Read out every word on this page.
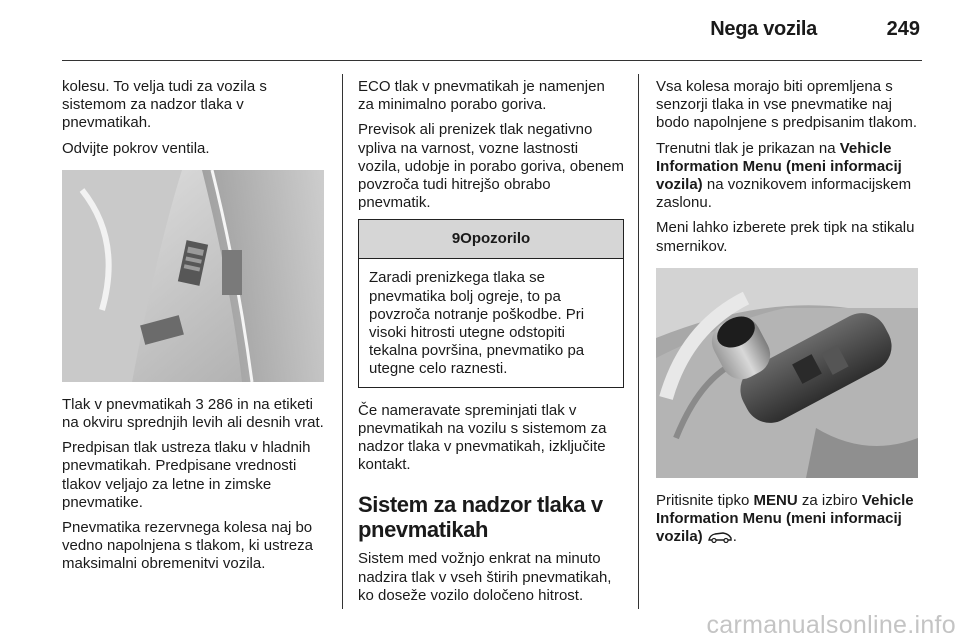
Nega vozila	249

kolesu. To velja tudi za vozila s sistemom za nadzor tlaka v pnevmatikah.

Odvijte pokrov ventila.

Tlak v pnevmatikah 3 286 in na etiketi na okviru sprednjih levih ali desnih vrat.

Predpisan tlak ustreza tlaku v hladnih pnevmatikah. Predpisane vrednosti tlakov veljajo za letne in zimske pnevmatike.

Pnevmatika rezervnega kolesa naj bo vedno napolnjena s tlakom, ki ustreza maksimalni obremenitvi vozila.

ECO tlak v pnevmatikah je namenjen za minimalno porabo goriva.

Previsok ali prenizek tlak negativno vpliva na varnost, vozne lastnosti vozila, udobje in porabo goriva, obenem povzroča tudi hitrejšo obrabo pnevmatik.

9 Opozorilo
Zaradi prenizkega tlaka se pnevmatika bolj ogreje, to pa povzroča notranje poškodbe. Pri visoki hitrosti utegne odstopiti tekalna površina, pnevmatiko pa utegne celo raznesti.

Če nameravate spreminjati tlak v pnevmatikah na vozilu s sistemom za nadzor tlaka v pnevmatikah, izključite kontakt.

Sistem za nadzor tlaka v pnevmatikah

Sistem med vožnjo enkrat na minuto nadzira tlak v vseh štirih pnevmatikah, ko doseže vozilo določeno hitrost.

Vsa kolesa morajo biti opremljena s senzorji tlaka in vse pnevmatike naj bodo napolnjene s predpisanim tlakom.

Trenutni tlak je prikazan na Vehicle Information Menu (meni informacij vozila) na voznikovem informacijskem zaslonu.

Meni lahko izberete prek tipk na stikalu smernikov.

Pritisnite tipko MENU za izbiro Vehicle Information Menu (meni informacij vozila) .

carmanualsonline.info
